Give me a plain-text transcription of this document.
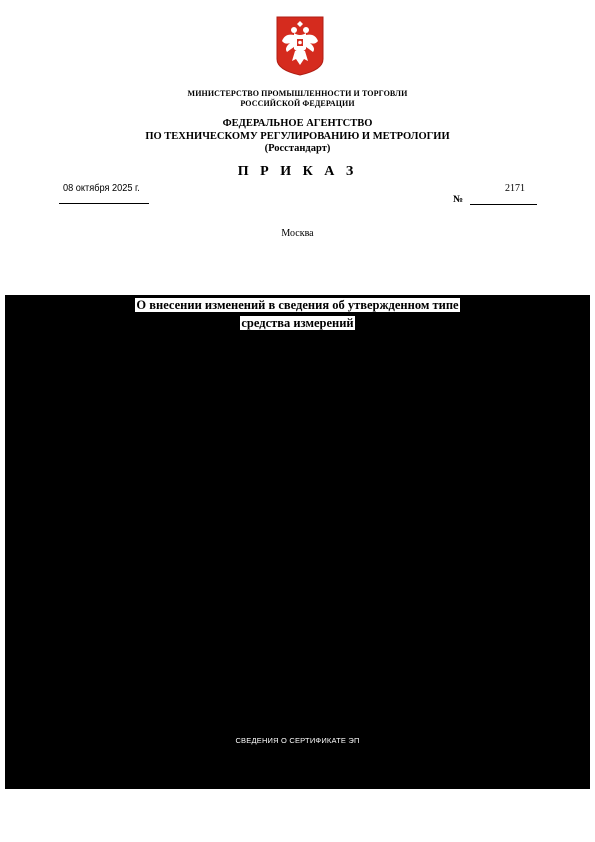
МИНИСТЕРСТВО ПРОМЫШЛЕННОСТИ И ТОРГОВЛИ
РОССИЙСКОЙ ФЕДЕРАЦИИ
ФЕДЕРАЛЬНОЕ АГЕНТСТВО
ПО ТЕХНИЧЕСКОМУ РЕГУЛИРОВАНИЮ И МЕТРОЛОГИИ
(Росстандарт)
П Р И К А З
08 октября 2025 г.
№
2171
Москва
О внесении изменений в сведения об утвержденном типе
средства измерений
СВЕДЕНИЯ О СЕРТИФИКАТЕ ЭП
